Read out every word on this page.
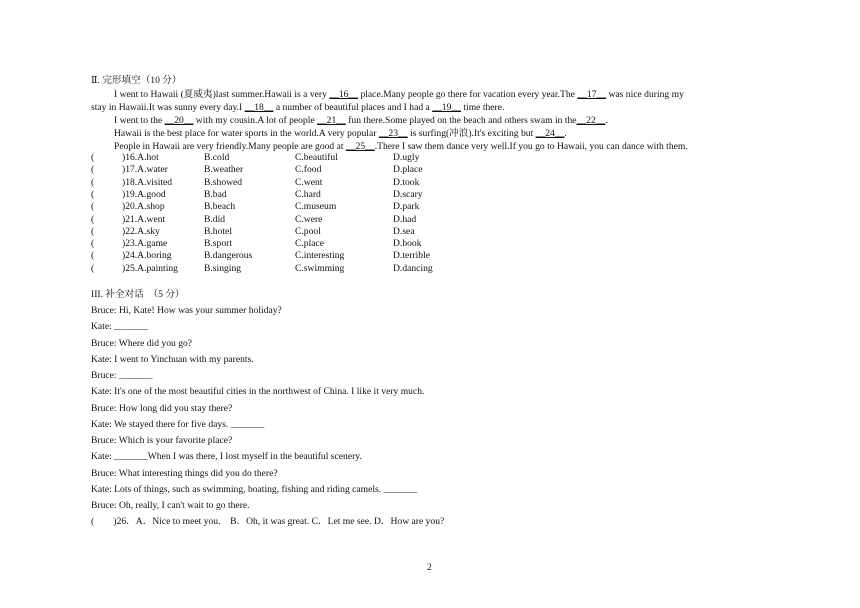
Ⅱ. 完形填空（10 分）
I went to Hawaii (夏威夷)last summer.Hawaii is a very __16__ place.Many people go there for vacation every year.The __17__ was nice during my
stay in Hawaii.It was sunny every day.I __18__ a number of beautiful places and I had a __19__ time there.
I went to the __20__ with my cousin.A lot of people __21__ fun there.Some played on the beach and others swam in the__22__.
Hawaii is the best place for water sports in the world.A very popular __23__ is surfing(冲浪).It's exciting but __24__.
People in Hawaii are very friendly.Many people are good at __25__.There I saw them dance very well.If you go to Hawaii, you can dance with them.
(	)16.A.hot	B.cold	C.beautiful	D.ugly
(	)17.A.water	B.weather	C.food	D.place
(	)18.A.visited	B.showed	C.went	D.took
(	)19.A.good	B.bad	C.hard	D.scary
(	)20.A.shop	B.beach	C.museum	D.park
(	)21.A.went	B.did	C.were	D.had
(	)22.A.sky	B.hotel	C.pool	D.sea
(	)23.A.game	B.sport	C.place	D.book
(	)24.A.boring	B.dangerous	C.interesting	D.terrible
(	)25.A.painting	B.singing	C.swimming	D.dancing
III. 补全对话　（5 分）
Bruce: Hi, Kate! How was your summer holiday?
Kate: _______
Bruce: Where did you go?
Kate: I went to Yinchuan with my parents.
Bruce: _______
Kate: It's one of the most beautiful cities in the northwest of China. I like it very much.
Bruce: How long did you stay there?
Kate: We stayed there for five days. _______
Bruce: Which is your favorite place?
Kate: _______When I was there, I lost myself in the beautiful scenery.
Bruce: What interesting things did you do there?
Kate: Lots of things, such as swimming, boating, fishing and riding camels. _______
Bruce: Oh, really, I can't wait to go there.
(　　)26．A．Nice to meet you.　B．Oh, it was great. C．Let me see. D．How are you?
2
